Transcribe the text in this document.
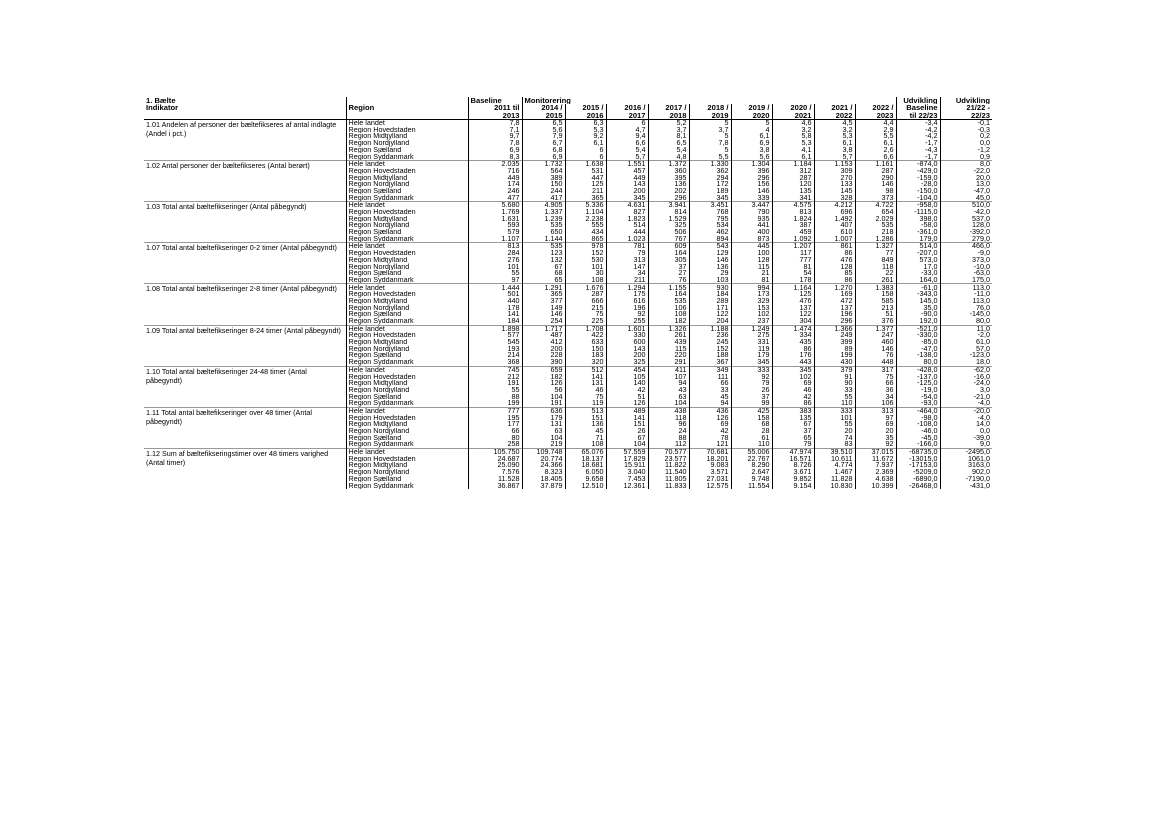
1. Bælte		Baseline	Monitorering									Udvikling	Udvikling
Indikator	Region	2011 til	2014 /	2015 /	2016 /	2017 /	2018 /	2019 /	2020 /	2021 /	2022 /	Baseline	21/22 -
		2013	2015	2016	2017	2018	2019	2020	2021	2022	2023	til 22/23	22/23
1.01 Andelen af personer der bæltefikseres af antal indlagte (Andel i pct.)	Hele landet	7,8	6,5	6,3	6	5,2	5	5	4,6	4,5	4,4	-3,4	-0,1
	Region Hovedstaden	7,1	5,6	5,3	4,7	3,7	3,7	4	3,2	3,2	2,9	-4,2	-0,3
	Region Midtjylland	9,7	7,9	9,2	9,4	8,1	5	6,1	5,8	5,3	5,5	-4,2	0,2
	Region Nordjylland	7,8	6,7	6,1	6,6	6,5	7,8	6,9	5,3	6,1	6,1	-1,7	0,0
	Region Sjælland	6,9	6,8	6	5,4	5,4	5	3,8	4,1	3,8	2,6	-4,3	-1,2
	Region Syddanmark	8,3	6,9	6	5,7	4,8	5,5	5,6	6,1	5,7	6,6	-1,7	0,9
1.02 Antal personer der bæltefikseres (Antal berørt)	Hele landet	2.035	1.732	1.638	1.551	1.372	1.330	1.304	1.184	1.153	1.161	-874,0	8,0
	Region Hovedstaden	716	564	531	457	360	362	396	312	309	287	-429,0	-22,0
	Region Midtjylland	449	389	447	449	395	294	296	287	270	290	-159,0	20,0
	Region Nordjylland	174	150	125	143	136	172	156	120	133	146	-28,0	13,0
	Region Sjælland	246	244	211	200	202	189	146	135	145	98	-150,0	-47,0
	Region Syddanmark	477	417	365	345	296	345	339	341	328	373	-104,0	45,0
1.03 Total antal bæltefikseringer (Antal påbegyndt)	Hele landet	5.680	4.905	5.336	4.631	3.941	3.451	3.447	4.575	4.212	4.722	-958,0	510,0
	Region Hovedstaden	1.769	1.337	1.104	827	814	768	790	813	696	654	-1115,0	-42,0
	Region Midtjylland	1.631	1.239	2.238	1.823	1.529	795	935	1.824	1.492	2.029	398,0	537,0
	Region Nordjylland	593	535	555	514	325	534	441	387	407	535	-58,0	128,0
	Region Sjælland	579	650	434	444	506	462	400	459	610	218	-361,0	-392,0
	Region Syddanmark	1.107	1.144	865	1.023	767	894	873	1.092	1.007	1.286	179,0	279,0
1.07 Total antal bæltefikseringer 0-2 timer (Antal påbegyndt)	Hele landet	813	535	978	781	609	543	445	1.207	861	1.327	514,0	466,0
	Region Hovedstaden	284	123	152	79	164	129	100	117	86	77	-207,0	-9,0
	Region Midtjylland	276	132	530	313	305	146	128	777	476	849	573,0	373,0
	Region Nordjylland	101	67	101	147	37	136	115	81	128	118	17,0	-10,0
	Region Sjælland	55	68	30	34	27	29	21	54	85	22	-33,0	-63,0
	Region Syddanmark	97	65	108	211	76	103	81	178	86	261	164,0	175,0
1.08 Total antal bæltefikseringer 2-8 timer (Antal påbegyndt)	Hele landet	1.444	1.291	1.676	1.294	1.155	930	994	1.164	1.270	1.383	-61,0	113,0
	Region Hovedstaden	501	365	287	175	164	184	173	125	169	158	-343,0	-11,0
	Region Midtjylland	440	377	666	616	535	289	329	476	472	585	145,0	113,0
	Region Nordjylland	178	149	215	196	106	171	153	137	137	213	35,0	76,0
	Region Sjælland	141	146	75	92	108	122	102	122	196	51	-90,0	-145,0
	Region Syddanmark	184	254	225	255	182	204	237	304	296	376	192,0	80,0
1.09 Total antal bæltefikseringer 8-24 timer (Antal påbegyndt)	Hele landet	1.898	1.717	1.708	1.601	1.326	1.188	1.249	1.474	1.366	1.377	-521,0	11,0
	Region Hovedstaden	577	487	422	330	261	236	275	334	249	247	-330,0	-2,0
	Region Midtjylland	545	412	633	600	439	245	331	435	399	460	-85,0	61,0
	Region Nordjylland	193	200	150	143	115	152	119	86	89	146	-47,0	57,0
	Region Sjælland	214	228	183	200	220	188	179	176	199	76	-138,0	-123,0
	Region Syddanmark	368	390	320	325	291	367	345	443	430	448	80,0	18,0
1.10 Total antal bæltefikseringer 24-48 timer (Antal påbegyndt)	Hele landet	745	659	512	454	411	349	333	345	379	317	-428,0	-62,0
	Region Hovedstaden	212	182	141	105	107	111	92	102	91	75	-137,0	-16,0
	Region Midtjylland	191	126	131	140	94	66	79	69	90	66	-125,0	-24,0
	Region Nordjylland	55	56	46	42	43	33	26	46	33	36	-19,0	3,0
	Region Sjælland	88	104	75	51	63	45	37	42	55	34	-54,0	-21,0
	Region Syddanmark	199	191	119	126	104	94	99	86	110	106	-93,0	-4,0
1.11 Total antal bæltefikseringer over 48 timer (Antal påbegyndt)	Hele landet	777	636	513	489	438	436	425	383	333	313	-464,0	-20,0
	Region Hovedstaden	195	179	151	141	118	126	158	135	101	97	-98,0	-4,0
	Region Midtjylland	177	131	136	151	96	69	68	67	55	69	-108,0	14,0
	Region Nordjylland	66	63	45	26	24	42	28	37	20	20	-46,0	0,0
	Region Sjælland	80	104	71	67	88	78	61	65	74	35	-45,0	-39,0
	Region Syddanmark	258	219	108	104	112	121	110	79	83	92	-166,0	9,0
1.12 Sum af bæltefikseringstimer over 48 timers varighed (Antal timer)	Hele landet	105.750	109.748	65.076	57.559	70.577	70.681	55.006	47.974	39.510	37.015	-68735,0	-2495,0
	Region Hovedstaden	24.687	20.774	18.137	17.829	23.577	18.201	22.767	16.571	10.611	11.672	-13015,0	1061,0
	Region Midtjylland	25.090	24.366	18.681	15.911	11.822	9.083	8.290	8.726	4.774	7.937	-17153,0	3163,0
	Region Nordjylland	7.576	8.323	6.050	3.040	11.540	3.571	2.647	3.671	1.467	2.369	-5209,0	902,0
	Region Sjælland	11.528	18.405	9.658	7.453	11.805	27.031	9.748	9.852	11.828	4.638	-6890,0	-7190,0
	Region Syddanmark	36.867	37.879	12.510	12.361	11.833	12.575	11.554	9.154	10.830	10.399	-26468,0	-431,0
